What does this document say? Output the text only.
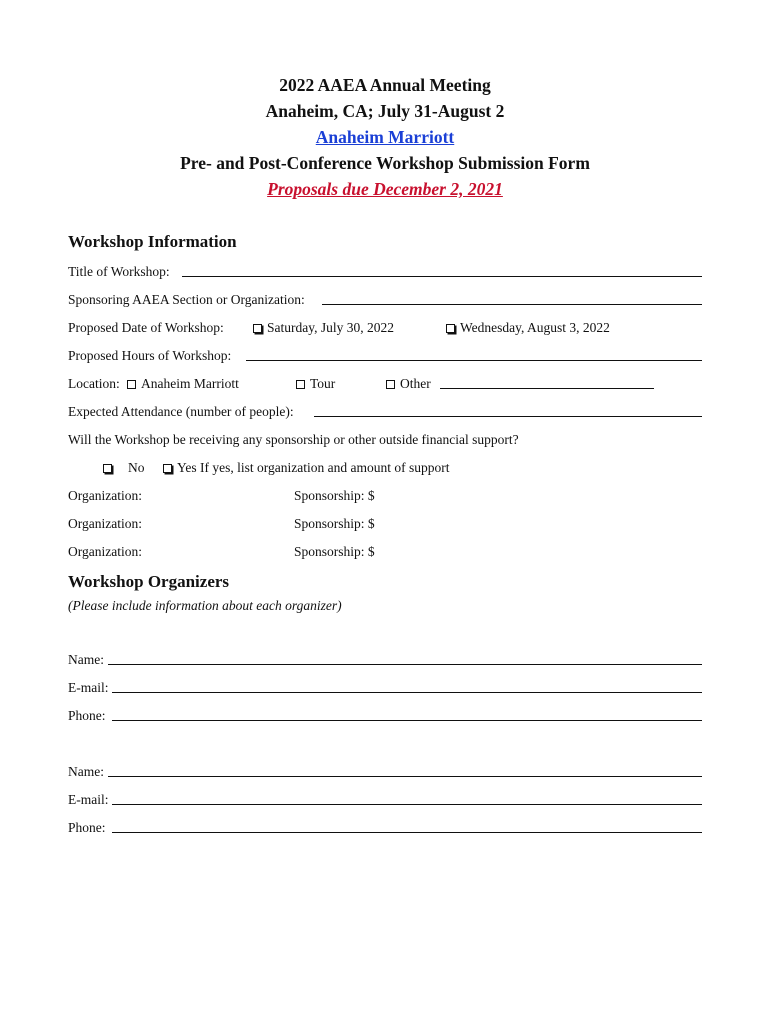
2022 AAEA Annual Meeting
Anaheim, CA; July 31-August 2
Anaheim Marriott
Pre- and Post-Conference Workshop Submission Form
Proposals due December 2, 2021
Workshop Information
Title of Workshop:
Sponsoring AAEA Section or Organization:
Proposed Date of Workshop:	Saturday, July 30, 2022	Wednesday, August 3, 2022
Proposed Hours of Workshop:
Location:	Anaheim Marriott	Tour	Other
Expected Attendance (number of people):
Will the Workshop be receiving any sponsorship or other outside financial support?
No	Yes If yes, list organization and amount of support
Organization:	Sponsorship: $
Organization:	Sponsorship: $
Organization:	Sponsorship: $
Workshop Organizers
(Please include information about each organizer)
Name:
E-mail:
Phone:
Name:
E-mail:
Phone:
